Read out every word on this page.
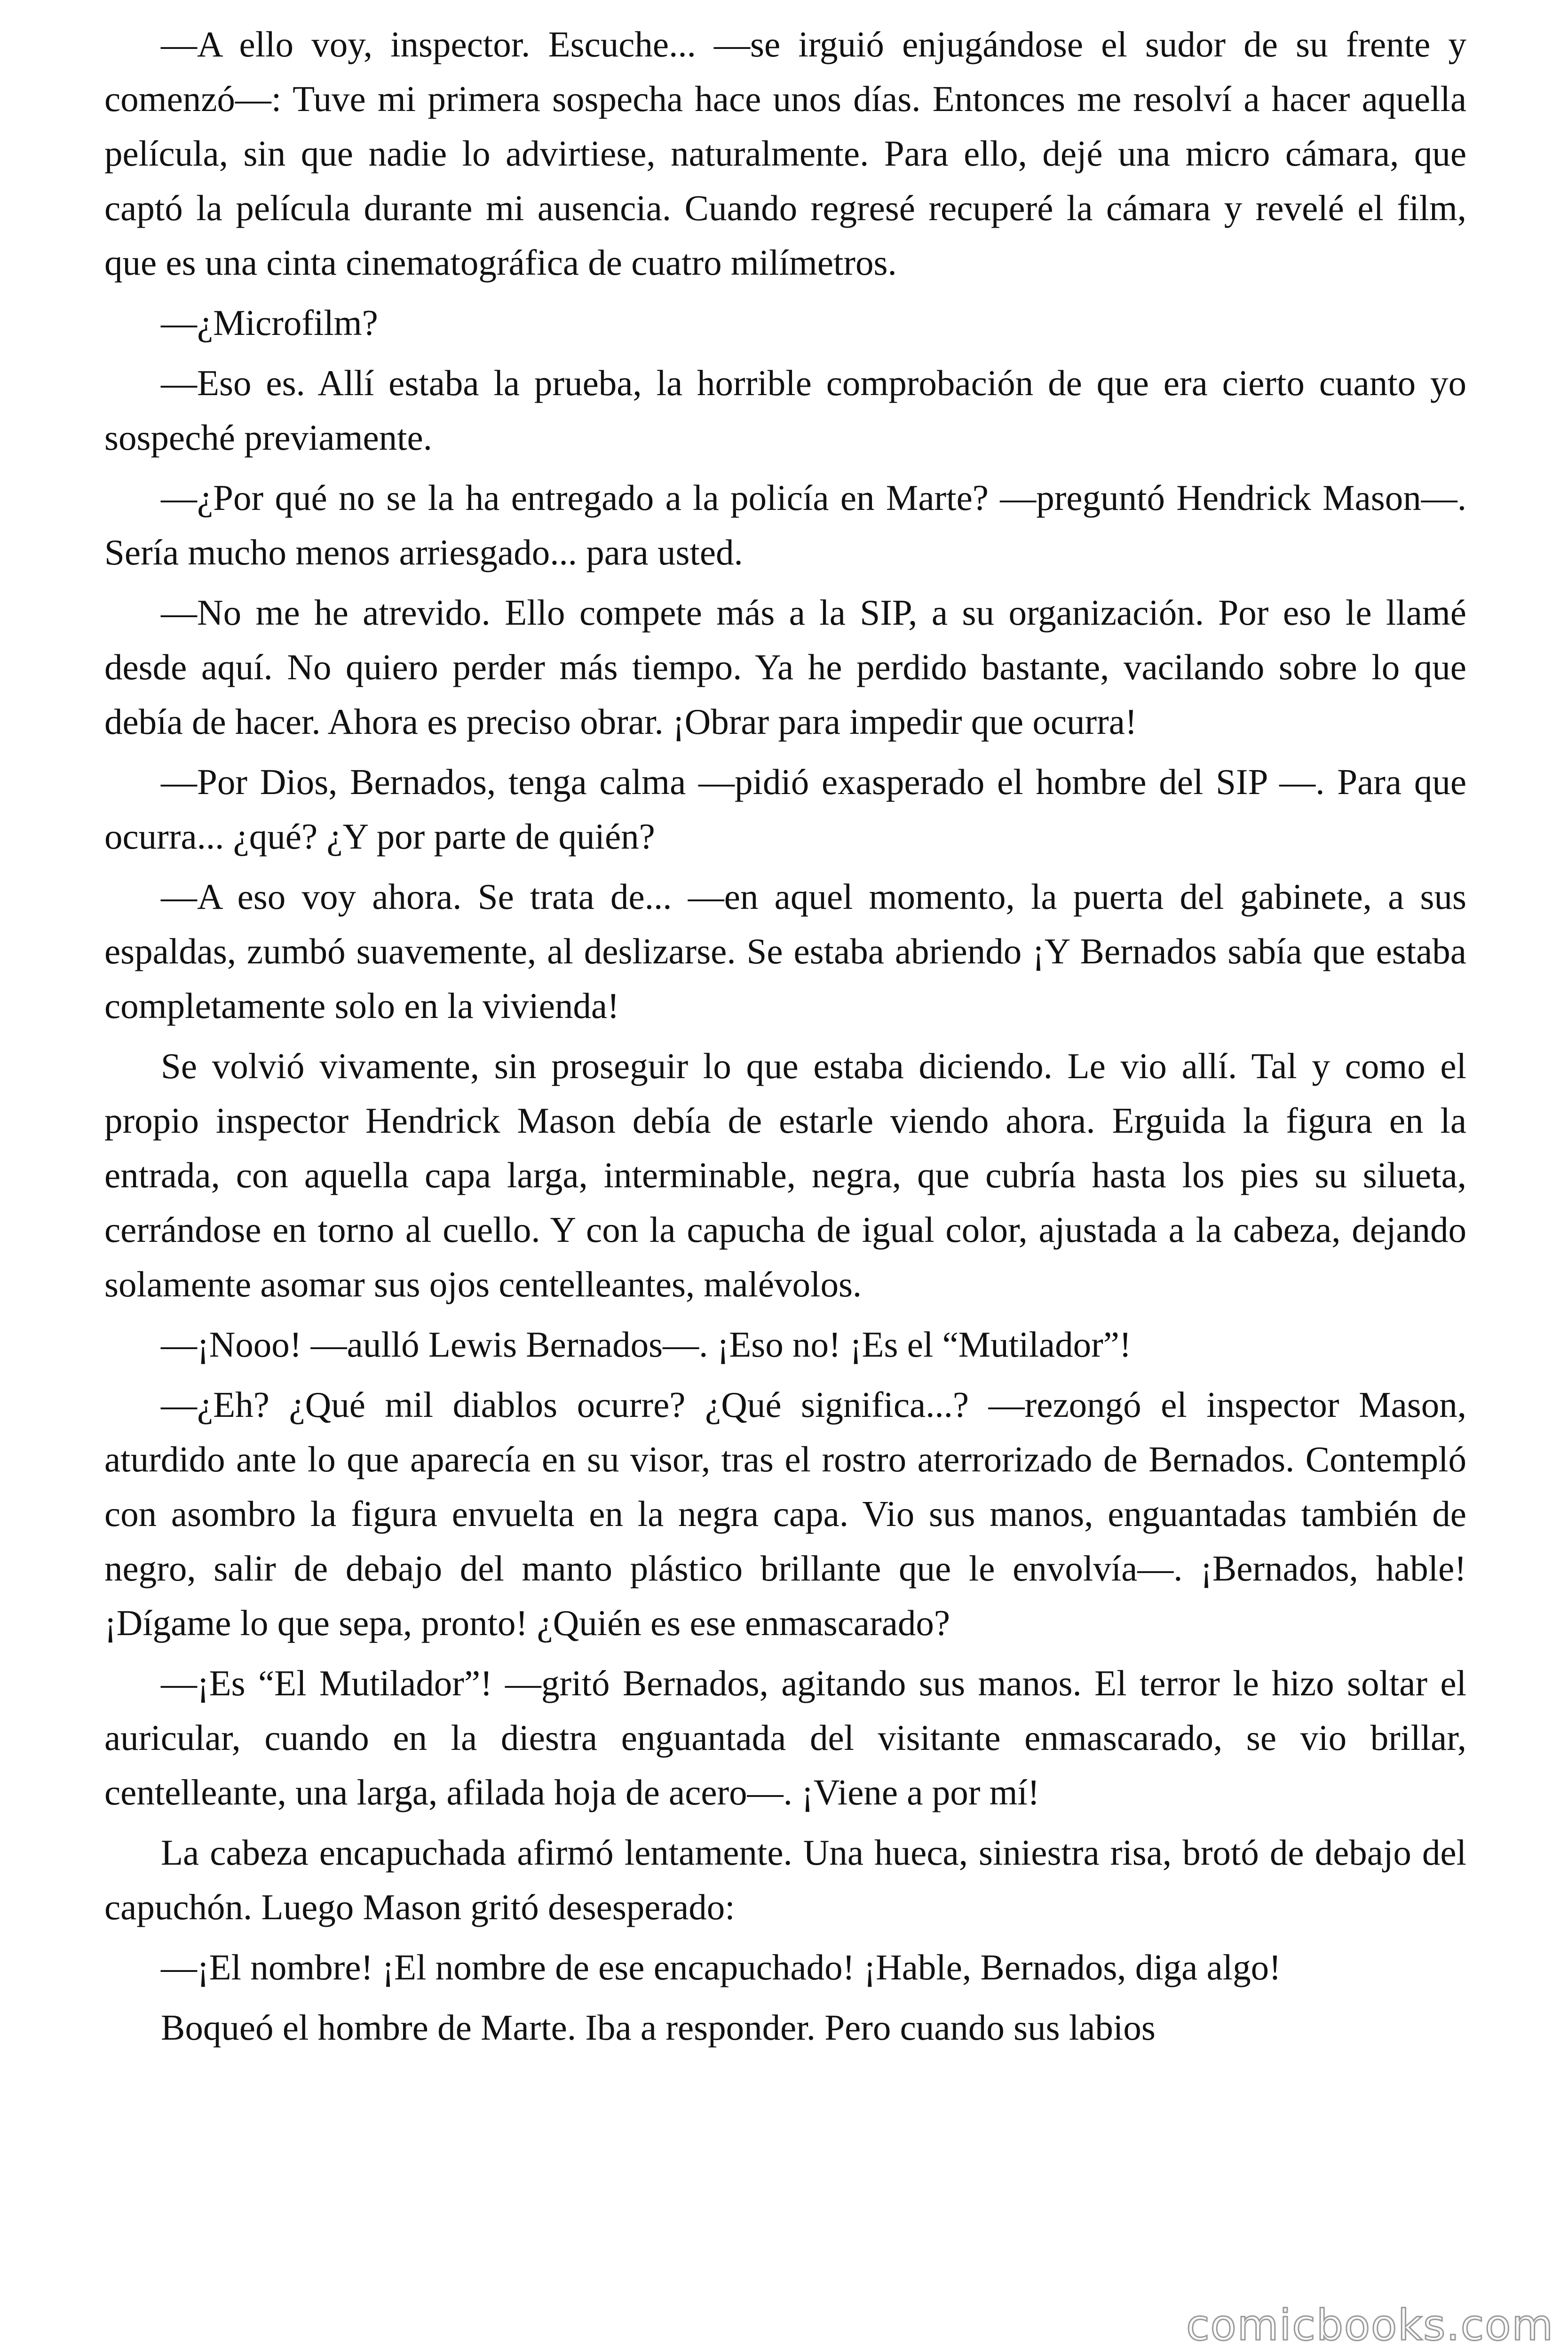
—A ello voy, inspector. Escuche... —se irguió enjugándose el sudor de su frente y comenzó—: Tuve mi primera sospecha hace unos días. Entonces me resolví a hacer aquella película, sin que nadie lo advirtiese, naturalmente. Para ello, dejé una micro cámara, que captó la película durante mi ausencia. Cuando regresé recuperé la cámara y revelé el film, que es una cinta cinematográfica de cuatro milímetros.

—¿Microfilm?

—Eso es. Allí estaba la prueba, la horrible comprobación de que era cierto cuanto yo sospeché previamente.

—¿Por qué no se la ha entregado a la policía en Marte? —preguntó Hendrick Mason—. Sería mucho menos arriesgado... para usted.

—No me he atrevido. Ello compete más a la SIP, a su organización. Por eso le llamé desde aquí. No quiero perder más tiempo. Ya he perdido bastante, vacilando sobre lo que debía de hacer. Ahora es preciso obrar. ¡Obrar para impedir que ocurra!

—Por Dios, Bernados, tenga calma —pidió exasperado el hombre del SIP —. Para que ocurra... ¿qué? ¿Y por parte de quién?

—A eso voy ahora. Se trata de... —en aquel momento, la puerta del gabinete, a sus espaldas, zumbó suavemente, al deslizarse. Se estaba abriendo ¡Y Bernados sabía que estaba completamente solo en la vivienda!

Se volvió vivamente, sin proseguir lo que estaba diciendo. Le vio allí. Tal y como el propio inspector Hendrick Mason debía de estarle viendo ahora. Erguida la figura en la entrada, con aquella capa larga, interminable, negra, que cubría hasta los pies su silueta, cerrándose en torno al cuello. Y con la capucha de igual color, ajustada a la cabeza, dejando solamente asomar sus ojos centelleantes, malévolos.

—¡Nooo! —aulló Lewis Bernados—. ¡Eso no! ¡Es el “Mutilador”!

—¿Eh? ¿Qué mil diablos ocurre? ¿Qué significa...? —rezongó el inspector Mason, aturdido ante lo que aparecía en su visor, tras el rostro aterrorizado de Bernados. Contempló con asombro la figura envuelta en la negra capa. Vio sus manos, enguantadas también de negro, salir de debajo del manto plástico brillante que le envolvía—. ¡Bernados, hable! ¡Dígame lo que sepa, pronto! ¿Quién es ese enmascarado?

—¡Es “El Mutilador”! —gritó Bernados, agitando sus manos. El terror le hizo soltar el auricular, cuando en la diestra enguantada del visitante enmascarado, se vio brillar, centelleante, una larga, afilada hoja de acero—. ¡Viene a por mí!

La cabeza encapuchada afirmó lentamente. Una hueca, siniestra risa, brotó de debajo del capuchón. Luego Mason gritó desesperado:

—¡El nombre! ¡El nombre de ese encapuchado! ¡Hable, Bernados, diga algo!

Boqueó el hombre de Marte. Iba a responder. Pero cuando sus labios

comicbooks.com
